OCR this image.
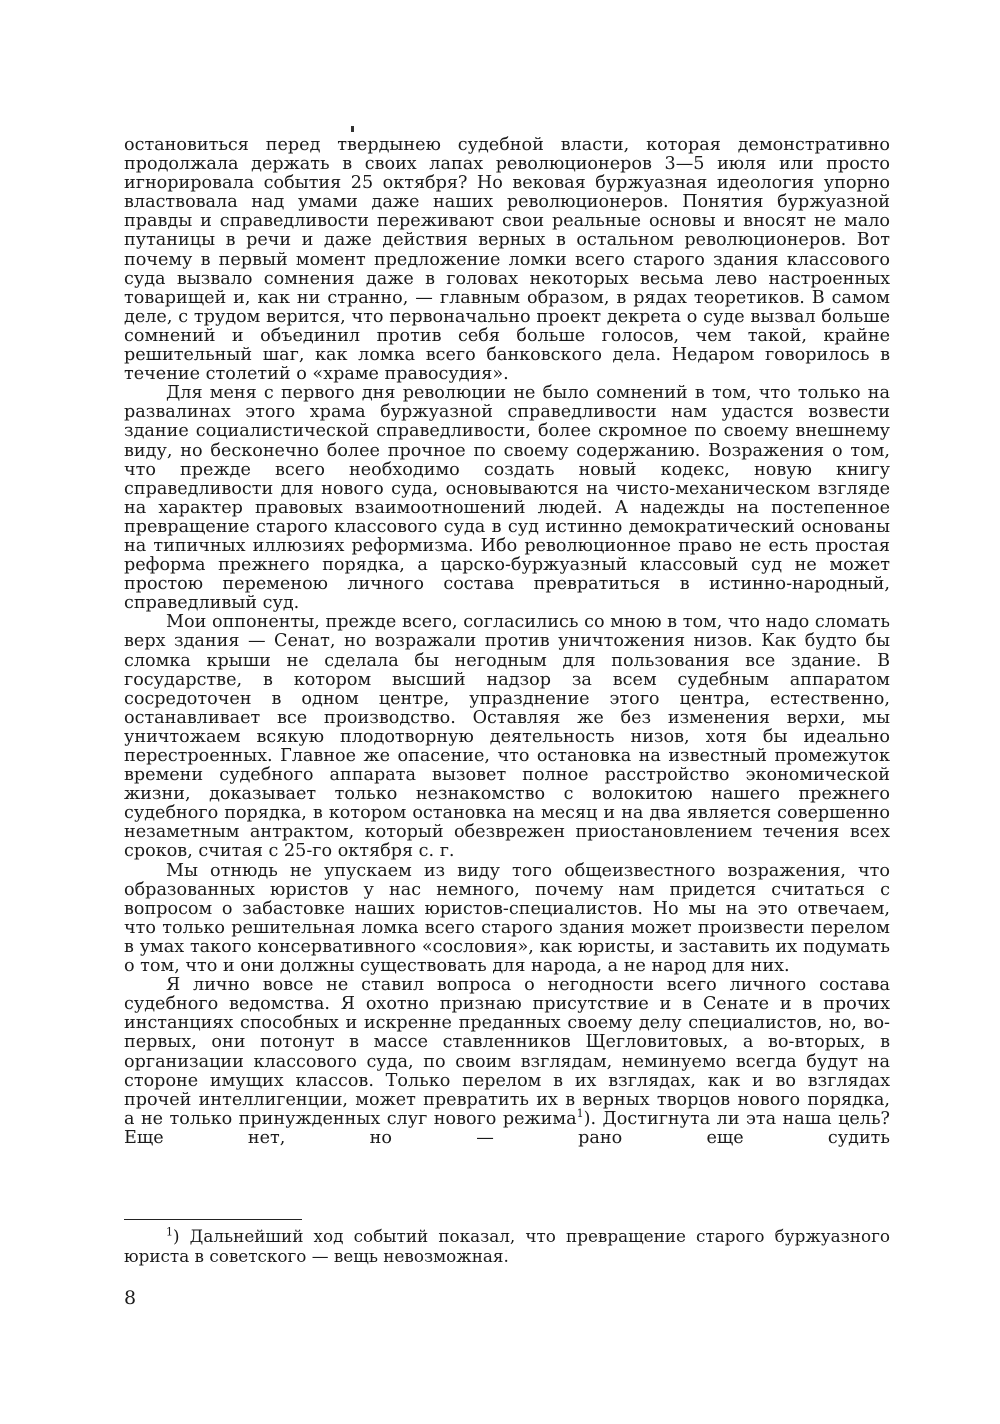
остановиться перед твердынею судебной власти, которая демонстративно продолжала держать в своих лапах революционеров 3—5 июля или просто игнорировала события 25 октября? Но вековая буржуазная идеология упорно властвовала над умами даже наших революционеров. Понятия буржуазной правды и справедливости переживают свои реальные основы и вносят не мало путаницы в речи и даже действия верных в остальном революционеров. Вот почему в первый момент предложение ломки всего старого здания классового суда вызвало сомнения даже в головах некоторых весьма лево настроенных товарищей и, как ни странно, — главным образом, в рядах теоретиков. В самом деле, с трудом верится, что первоначально проект декрета о суде вызвал больше сомнений и объединил против себя больше голосов, чем такой, крайне решительный шаг, как ломка всего банковского дела. Недаром говорилось в течение столетий о «храме правосудия».

Для меня с первого дня революции не было сомнений в том, что только на развалинах этого храма буржуазной справедливости нам удастся возвести здание социалистической справедливости, более скромное по своему внешнему виду, но бесконечно более прочное по своему содержанию. Возражения о том, что прежде всего необходимо создать новый кодекс, новую книгу справедливости для нового суда, основываются на чисто-механическом взгляде на характер правовых взаимоотношений людей. А надежды на постепенное превращение старого классового суда в суд истинно демократический основаны на типичных иллюзиях реформизма. Ибо революционное право не есть простая реформа прежнего порядка, а царско-буржуазный классовый суд не может простою переменою личного состава превратиться в истинно-народный, справедливый суд.

Мои оппоненты, прежде всего, согласились со мною в том, что надо сломать верх здания — Сенат, но возражали против уничтожения низов. Как будто бы сломка крыши не сделала бы негодным для пользования все здание. В государстве, в котором высший надзор за всем судебным аппаратом сосредоточен в одном центре, упразднение этого центра, естественно, останавливает все производство. Оставляя же без изменения верхи, мы уничтожаем всякую плодотворную деятельность низов, хотя бы идеально перестроенных. Главное же опасение, что остановка на известный промежуток времени судебного аппарата вызовет полное расстройство экономической жизни, доказывает только незнакомство с волокитою нашего прежнего судебного порядка, в котором остановка на месяц и на два является совершенно незаметным антрактом, который обезврежен приостановлением течения всех сроков, считая с 25-го октября с. г.

Мы отнюдь не упускаем из виду того общеизвестного возражения, что образованных юристов у нас немного, почему нам придется считаться с вопросом о забастовке наших юристов-специалистов. Но мы на это отвечаем, что только решительная ломка всего старого здания может произвести перелом в умах такого консервативного «сословия», как юристы, и заставить их подумать о том, что и они должны существовать для народа, а не народ для них.

Я лично вовсе не ставил вопроса о негодности всего личного состава судебного ведомства. Я охотно признаю присутствие и в Сенате и в прочих инстанциях способных и искренне преданных своему делу специалистов, но, во-первых, они потонут в массе ставленников Щегловитовых, а во-вторых, в организации классового суда, по своим взглядам, неминуемо всегда будут на стороне имущих классов. Только перелом в их взглядах, как и во взглядах прочей интеллигенции, может превратить их в верных творцов нового порядка, а не только принужденных слуг нового режима$^1$). Достигнута ли эта наша цель? Еще нет, но — рано еще судить

$^1$) Дальнейший ход событий показал, что превращение старого буржуазного юриста в советского — вещь невозможная.
8
